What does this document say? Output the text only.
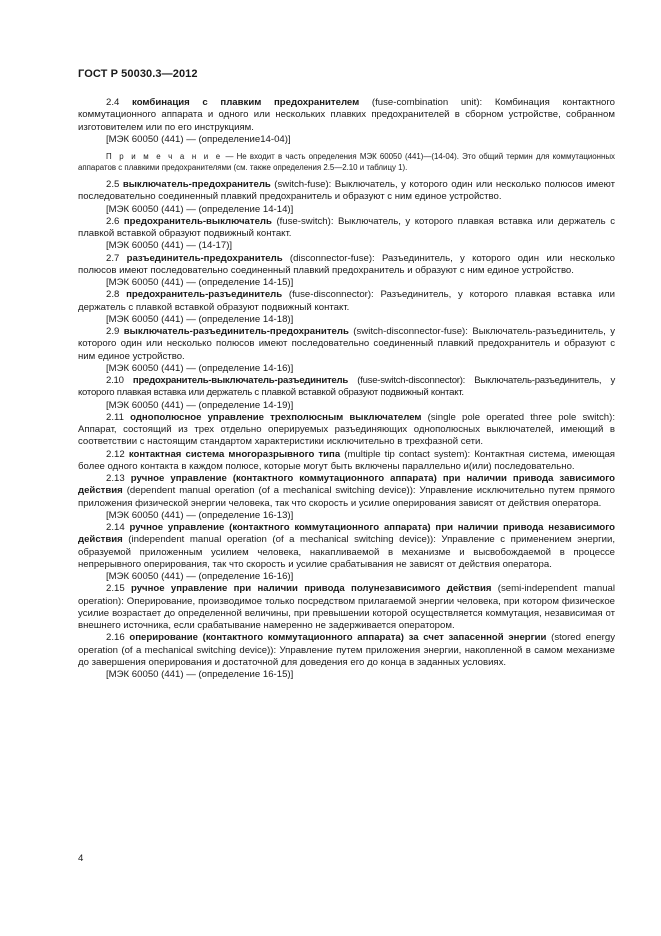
ГОСТ Р 50030.3—2012

2.4 комбинация с плавким предохранителем (fuse-combination unit): Комбинация контактного коммутационного аппарата и одного или нескольких плавких предохранителей в сборном устройстве, собранном изготовителем или по его инструкциям.

[МЭК 60050 (441) — (определение14-04)]

П р и м е ч а н и е — Не входит в часть определения МЭК 60050 (441)—(14-04). Это общий термин для коммутационных аппаратов с плавкими предохранителями (см. также определения 2.5—2.10 и таблицу 1).

2.5 выключатель-предохранитель (switch-fuse): Выключатель, у которого один или несколько полюсов имеют последовательно соединенный плавкий предохранитель и образуют с ним единое устройство.

[МЭК 60050 (441) — (определение 14-14)]

2.6 предохранитель-выключатель (fuse-switch): Выключатель, у которого плавкая вставка или держатель с плавкой вставкой образуют подвижный контакт.

[МЭК 60050 (441) — (14-17)]

2.7 разъединитель-предохранитель (disconnector-fuse): Разъединитель, у которого один или несколько полюсов имеют последовательно соединенный плавкий предохранитель и образуют с ним единое устройство.

[МЭК 60050 (441) — (определение 14-15)]

2.8 предохранитель-разъединитель (fuse-disconnector): Разъединитель, у которого плавкая вставка или держатель с плавкой вставкой образуют подвижный контакт.

[МЭК 60050 (441) — (определение 14-18)]

2.9 выключатель-разъединитель-предохранитель (switch-disconnector-fuse): Выключатель-разъединитель, у которого один или несколько полюсов имеют последовательно соединенный плавкий предохранитель и образуют с ним единое устройство.

[МЭК 60050 (441) — (определение 14-16)]

2.10 предохранитель-выключатель-разъединитель (fuse-switch-disconnector): Выключатель-разъединитель, у которого плавкая вставка или держатель с плавкой вставкой образуют подвижный контакт.

[МЭК 60050 (441) — (определение 14-19)]

2.11 однополюсное управление трехполюсным выключателем (single pole operated three pole switch): Аппарат, состоящий из трех отдельно оперируемых разъединяющих однополюсных выключателей, имеющий в соответствии с настоящим стандартом характеристики исключительно в трехфазной сети.

2.12 контактная система многоразрывного типа (multiple tip contact system): Контактная система, имеющая более одного контакта в каждом полюсе, которые могут быть включены параллельно и(или) последовательно.

2.13 ручное управление (контактного коммутационного аппарата) при наличии привода зависимого действия (dependent manual operation (of a mechanical switching device)): Управление исключительно путем прямого приложения физической энергии человека, так что скорость и усилие оперирования зависят от действия оператора.

[МЭК 60050 (441) — (определение 16-13)]

2.14 ручное управление (контактного коммутационного аппарата) при наличии привода независимого действия (independent manual operation (of a mechanical switching device)): Управление с применением энергии, образуемой приложенным усилием человека, накапливаемой в механизме и высвобождаемой в процессе непрерывного оперирования, так что скорость и усилие срабатывания не зависят от действия оператора.

[МЭК 60050 (441) — (определение 16-16)]

2.15 ручное управление при наличии привода полунезависимого действия (semi-independent manual operation): Оперирование, производимое только посредством прилагаемой энергии человека, при котором физическое усилие возрастает до определенной величины, при превышении которой осуществляется коммутация, независимая от внешнего источника, если срабатывание намеренно не задерживается оператором.

2.16 оперирование (контактного коммутационного аппарата) за счет запасенной энергии (stored energy operation (of a mechanical switching device)): Управление путем приложения энергии, накопленной в самом механизме до завершения оперирования и достаточной для доведения его до конца в заданных условиях.

[МЭК 60050 (441) — (определение 16-15)]

4
